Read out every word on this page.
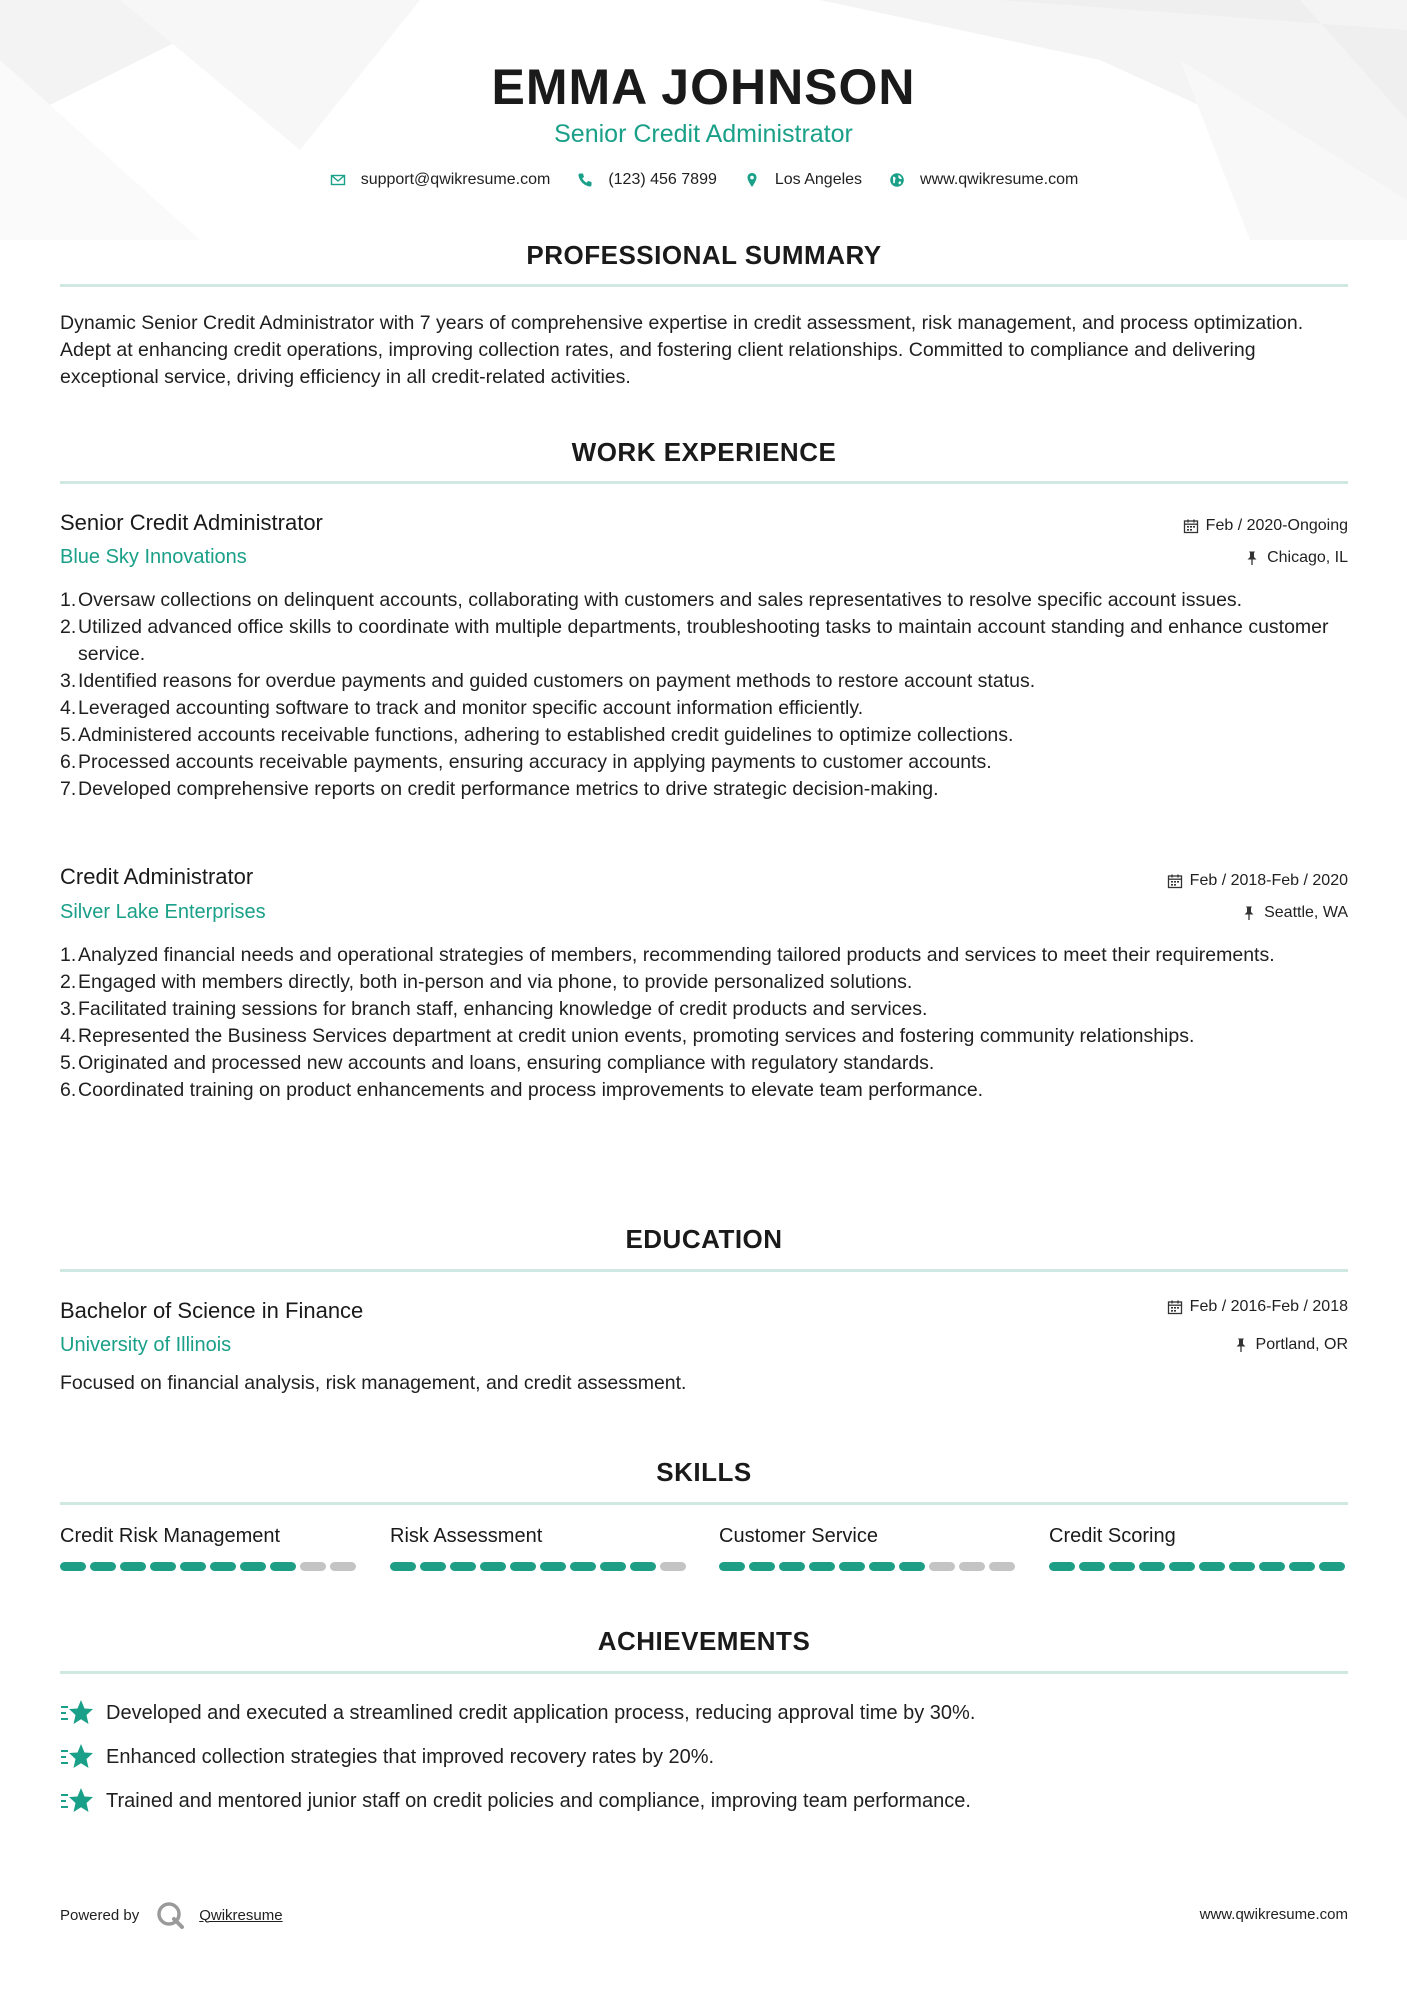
EMMA JOHNSON
Senior Credit Administrator
support@qwikresume.com	(123) 456 7899	Los Angeles	www.qwikresume.com
PROFESSIONAL SUMMARY
Dynamic Senior Credit Administrator with 7 years of comprehensive expertise in credit assessment, risk management, and process optimization. Adept at enhancing credit operations, improving collection rates, and fostering client relationships. Committed to compliance and delivering exceptional service, driving efficiency in all credit-related activities.
WORK EXPERIENCE
Senior Credit Administrator	Feb / 2020-Ongoing
Blue Sky Innovations	Chicago, IL
1. Oversaw collections on delinquent accounts, collaborating with customers and sales representatives to resolve specific account issues.
2. Utilized advanced office skills to coordinate with multiple departments, troubleshooting tasks to maintain account standing and enhance customer service.
3. Identified reasons for overdue payments and guided customers on payment methods to restore account status.
4. Leveraged accounting software to track and monitor specific account information efficiently.
5. Administered accounts receivable functions, adhering to established credit guidelines to optimize collections.
6. Processed accounts receivable payments, ensuring accuracy in applying payments to customer accounts.
7. Developed comprehensive reports on credit performance metrics to drive strategic decision-making.
Credit Administrator	Feb / 2018-Feb / 2020
Silver Lake Enterprises	Seattle, WA
1. Analyzed financial needs and operational strategies of members, recommending tailored products and services to meet their requirements.
2. Engaged with members directly, both in-person and via phone, to provide personalized solutions.
3. Facilitated training sessions for branch staff, enhancing knowledge of credit products and services.
4. Represented the Business Services department at credit union events, promoting services and fostering community relationships.
5. Originated and processed new accounts and loans, ensuring compliance with regulatory standards.
6. Coordinated training on product enhancements and process improvements to elevate team performance.
EDUCATION
Bachelor of Science in Finance	Feb / 2016-Feb / 2018
University of Illinois	Portland, OR
Focused on financial analysis, risk management, and credit assessment.
SKILLS
Credit Risk Management	Risk Assessment	Customer Service	Credit Scoring
ACHIEVEMENTS
Developed and executed a streamlined credit application process, reducing approval time by 30%.
Enhanced collection strategies that improved recovery rates by 20%.
Trained and mentored junior staff on credit policies and compliance, improving team performance.
Powered by	Qwikresume	www.qwikresume.com
